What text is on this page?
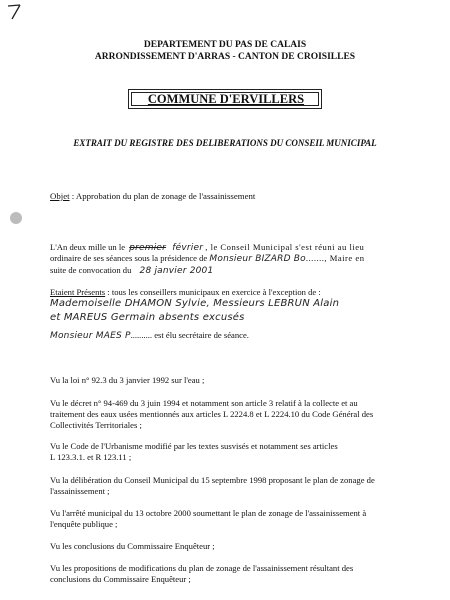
DEPARTEMENT DU PAS DE CALAIS
ARRONDISSEMENT D'ARRAS - CANTON DE CROISILLES
COMMUNE D'ERVILLERS
EXTRAIT DU REGISTRE DES DELIBERATIONS DU CONSEIL MUNICIPAL
Objet : Approbation du plan de zonage de l'assainissement
L'An deux mille un le premier février , le Conseil Municipal s'est réuni au lieu
ordinaire de ses séances sous la présidence de Monsieur BIZARD Bo......., Maire en
suite de convocation du 28 janvier 2001
Etaient Présents : tous les conseillers municipaux en exercice à l'exception de :
Mademoiselle DHAMON Sylvie, Messieurs LEBRUN Alain
et MAREUS Germain absents excusés
Monsieur MAES P.......... est élu secrétaire de séance.
Vu la loi n° 92.3 du 3 janvier 1992 sur l'eau ;
Vu le décret n° 94-469 du 3 juin 1994 et notamment son article 3 relatif à la collecte et au
traitement des eaux usées mentionnés aux articles L 2224.8 et L 2224.10 du Code Général des
Collectivités Territoriales ;
Vu le Code de l'Urbanisme modifié par les textes susvisés et notamment ses articles
L 123.3.1. et R 123.11 ;
Vu la délibération du Conseil Municipal du 15 septembre 1998 proposant le plan de zonage de
l'assainissement ;
Vu l'arrêté municipal du 13 octobre 2000 soumettant le plan de zonage de l'assainissement à
l'enquête publique ;
Vu les conclusions du Commissaire Enquêteur ;
Vu les propositions de modifications du plan de zonage de l'assainissement résultant des
conclusions du Commissaire Enquêteur ;
